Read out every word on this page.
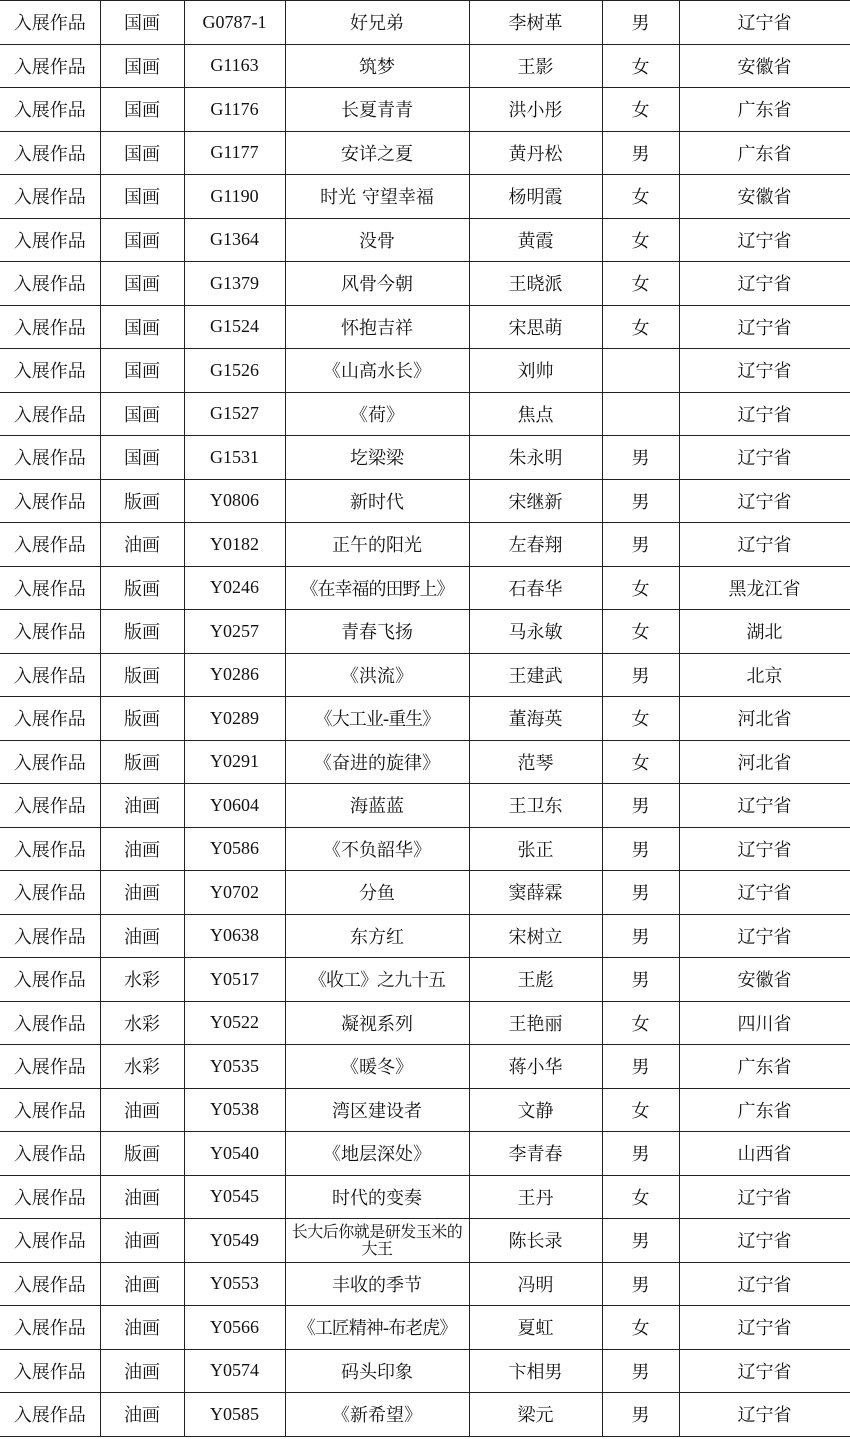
入展作品	国画	G0787-1	好兄弟	李树革	男	辽宁省
入展作品	国画	G1163	筑梦	王影	女	安徽省
入展作品	国画	G1176	长夏青青	洪小彤	女	广东省
入展作品	国画	G1177	安详之夏	黄丹松	男	广东省
入展作品	国画	G1190	时光 守望幸福	杨明霞	女	安徽省
入展作品	国画	G1364	没骨	黄霞	女	辽宁省
入展作品	国画	G1379	风骨今朝	王晓派	女	辽宁省
入展作品	国画	G1524	怀抱吉祥	宋思萌	女	辽宁省
入展作品	国画	G1526	《山高水长》	刘帅		辽宁省
入展作品	国画	G1527	《荷》	焦点		辽宁省
入展作品	国画	G1531	圪梁梁	朱永明	男	辽宁省
入展作品	版画	Y0806	新时代	宋继新	男	辽宁省
入展作品	油画	Y0182	正午的阳光	左春翔	男	辽宁省
入展作品	版画	Y0246	《在幸福的田野上》	石春华	女	黑龙江省
入展作品	版画	Y0257	青春飞扬	马永敏	女	湖北
入展作品	版画	Y0286	《洪流》	王建武	男	北京
入展作品	版画	Y0289	《大工业-重生》	董海英	女	河北省
入展作品	版画	Y0291	《奋进的旋律》	范琴	女	河北省
入展作品	油画	Y0604	海蓝蓝	王卫东	男	辽宁省
入展作品	油画	Y0586	《不负韶华》	张正	男	辽宁省
入展作品	油画	Y0702	分鱼	窦薛霖	男	辽宁省
入展作品	油画	Y0638	东方红	宋树立	男	辽宁省
入展作品	水彩	Y0517	《收工》之九十五	王彪	男	安徽省
入展作品	水彩	Y0522	凝视系列	王艳丽	女	四川省
入展作品	水彩	Y0535	《暖冬》	蒋小华	男	广东省
入展作品	油画	Y0538	湾区建设者	文静	女	广东省
入展作品	版画	Y0540	《地层深处》	李青春	男	山西省
入展作品	油画	Y0545	时代的变奏	王丹	女	辽宁省
入展作品	油画	Y0549	长大后你就是研发玉米的大王	陈长录	男	辽宁省
入展作品	油画	Y0553	丰收的季节	冯明	男	辽宁省
入展作品	油画	Y0566	《工匠精神-布老虎》	夏虹	女	辽宁省
入展作品	油画	Y0574	码头印象	卞相男	男	辽宁省
入展作品	油画	Y0585	《新希望》	梁元	男	辽宁省
